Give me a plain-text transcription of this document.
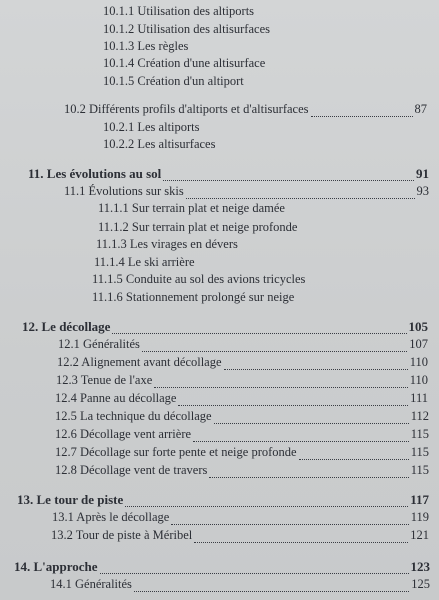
10.1.1 Utilisation des altiports
10.1.2 Utilisation des altisurfaces
10.1.3 Les règles
10.1.4 Création d'une altisurface
10.1.5 Création d'un altiport
10.2 Différents profils d'altiports et d'altisurfaces	87
10.2.1 Les altiports
10.2.2 Les altisurfaces
11. Les évolutions au sol	91
11.1 Évolutions sur skis	93
11.1.1 Sur terrain plat et neige damée
11.1.2 Sur terrain plat et neige profonde
11.1.3 Les virages en dévers
11.1.4 Le ski arrière
11.1.5 Conduite au sol des avions tricycles
11.1.6 Stationnement prolongé sur neige
12. Le décollage	105
12.1 Généralités	107
12.2 Alignement avant décollage	110
12.3 Tenue de l'axe	110
12.4 Panne au décollage	111
12.5 La technique du décollage	112
12.6 Décollage vent arrière	115
12.7 Décollage sur forte pente et neige profonde	115
12.8 Décollage vent de travers	115
13. Le tour de piste	117
13.1 Après le décollage	119
13.2 Tour de piste à Méribel	121
14. L'approche	123
14.1 Généralités	125
